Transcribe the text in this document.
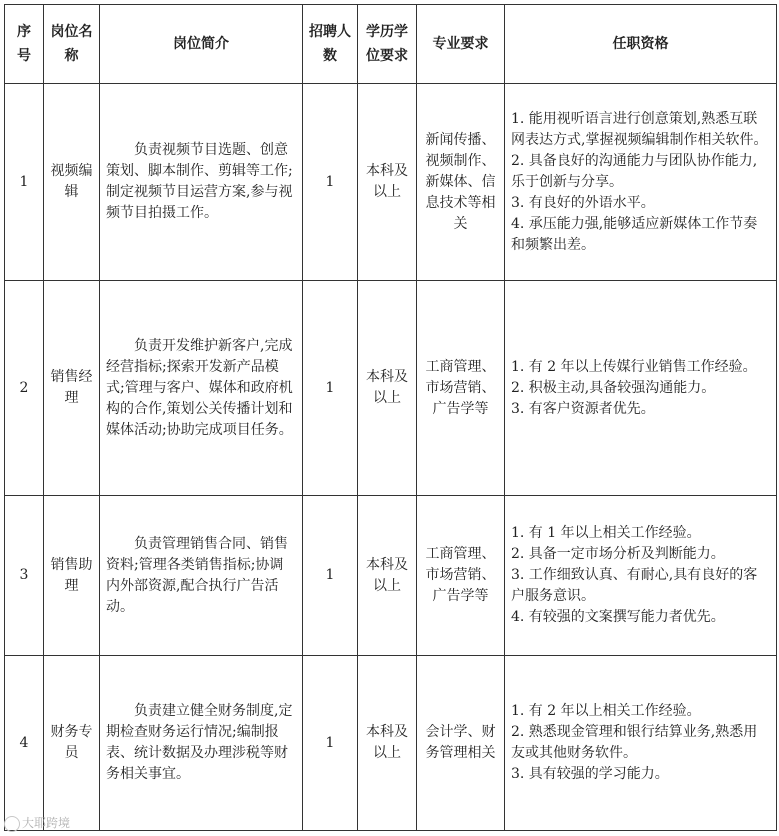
序号	岗位名称	岗位简介	招聘人数	学历学位要求	专业要求	任职资格
1	视频编辑	负责视频节目选题、创意策划、脚本制作、剪辑等工作;制定视频节目运营方案,参与视频节目拍摄工作。	1	本科及以上	新闻传播、视频制作、新媒体、信息技术等相关	1. 能用视听语言进行创意策划,熟悉互联网表达方式,掌握视频编辑制作相关软件。
2. 具备良好的沟通能力与团队协作能力,乐于创新与分享。
3. 有良好的外语水平。
4. 承压能力强,能够适应新媒体工作节奏和频繁出差。

2	销售经理	负责开发维护新客户,完成经营指标;探索开发新产品模式;管理与客户、媒体和政府机构的合作,策划公关传播计划和媒体活动;协助完成项目任务。	1	本科及以上	工商管理、市场营销、广告学等	1. 有 2 年以上传媒行业销售工作经验。
2. 积极主动,具备较强沟通能力。
3. 有客户资源者优先。

3	销售助理	负责管理销售合同、销售资料;管理各类销售指标;协调内外部资源,配合执行广告活动。	1	本科及以上	工商管理、市场营销、广告学等	1. 有 1 年以上相关工作经验。
2. 具备一定市场分析及判断能力。
3. 工作细致认真、有耐心,具有良好的客户服务意识。
4. 有较强的文案撰写能力者优先。

4	财务专员	负责建立健全财务制度,定期检查财务运行情况;编制报表、统计数据及办理涉税等财务相关事宜。	1	本科及以上	会计学、财务管理相关	1. 有 2 年以上相关工作经验。
2. 熟悉现金管理和银行结算业务,熟悉用友或其他财务软件。
3. 具有较强的学习能力。
大耶跨境
